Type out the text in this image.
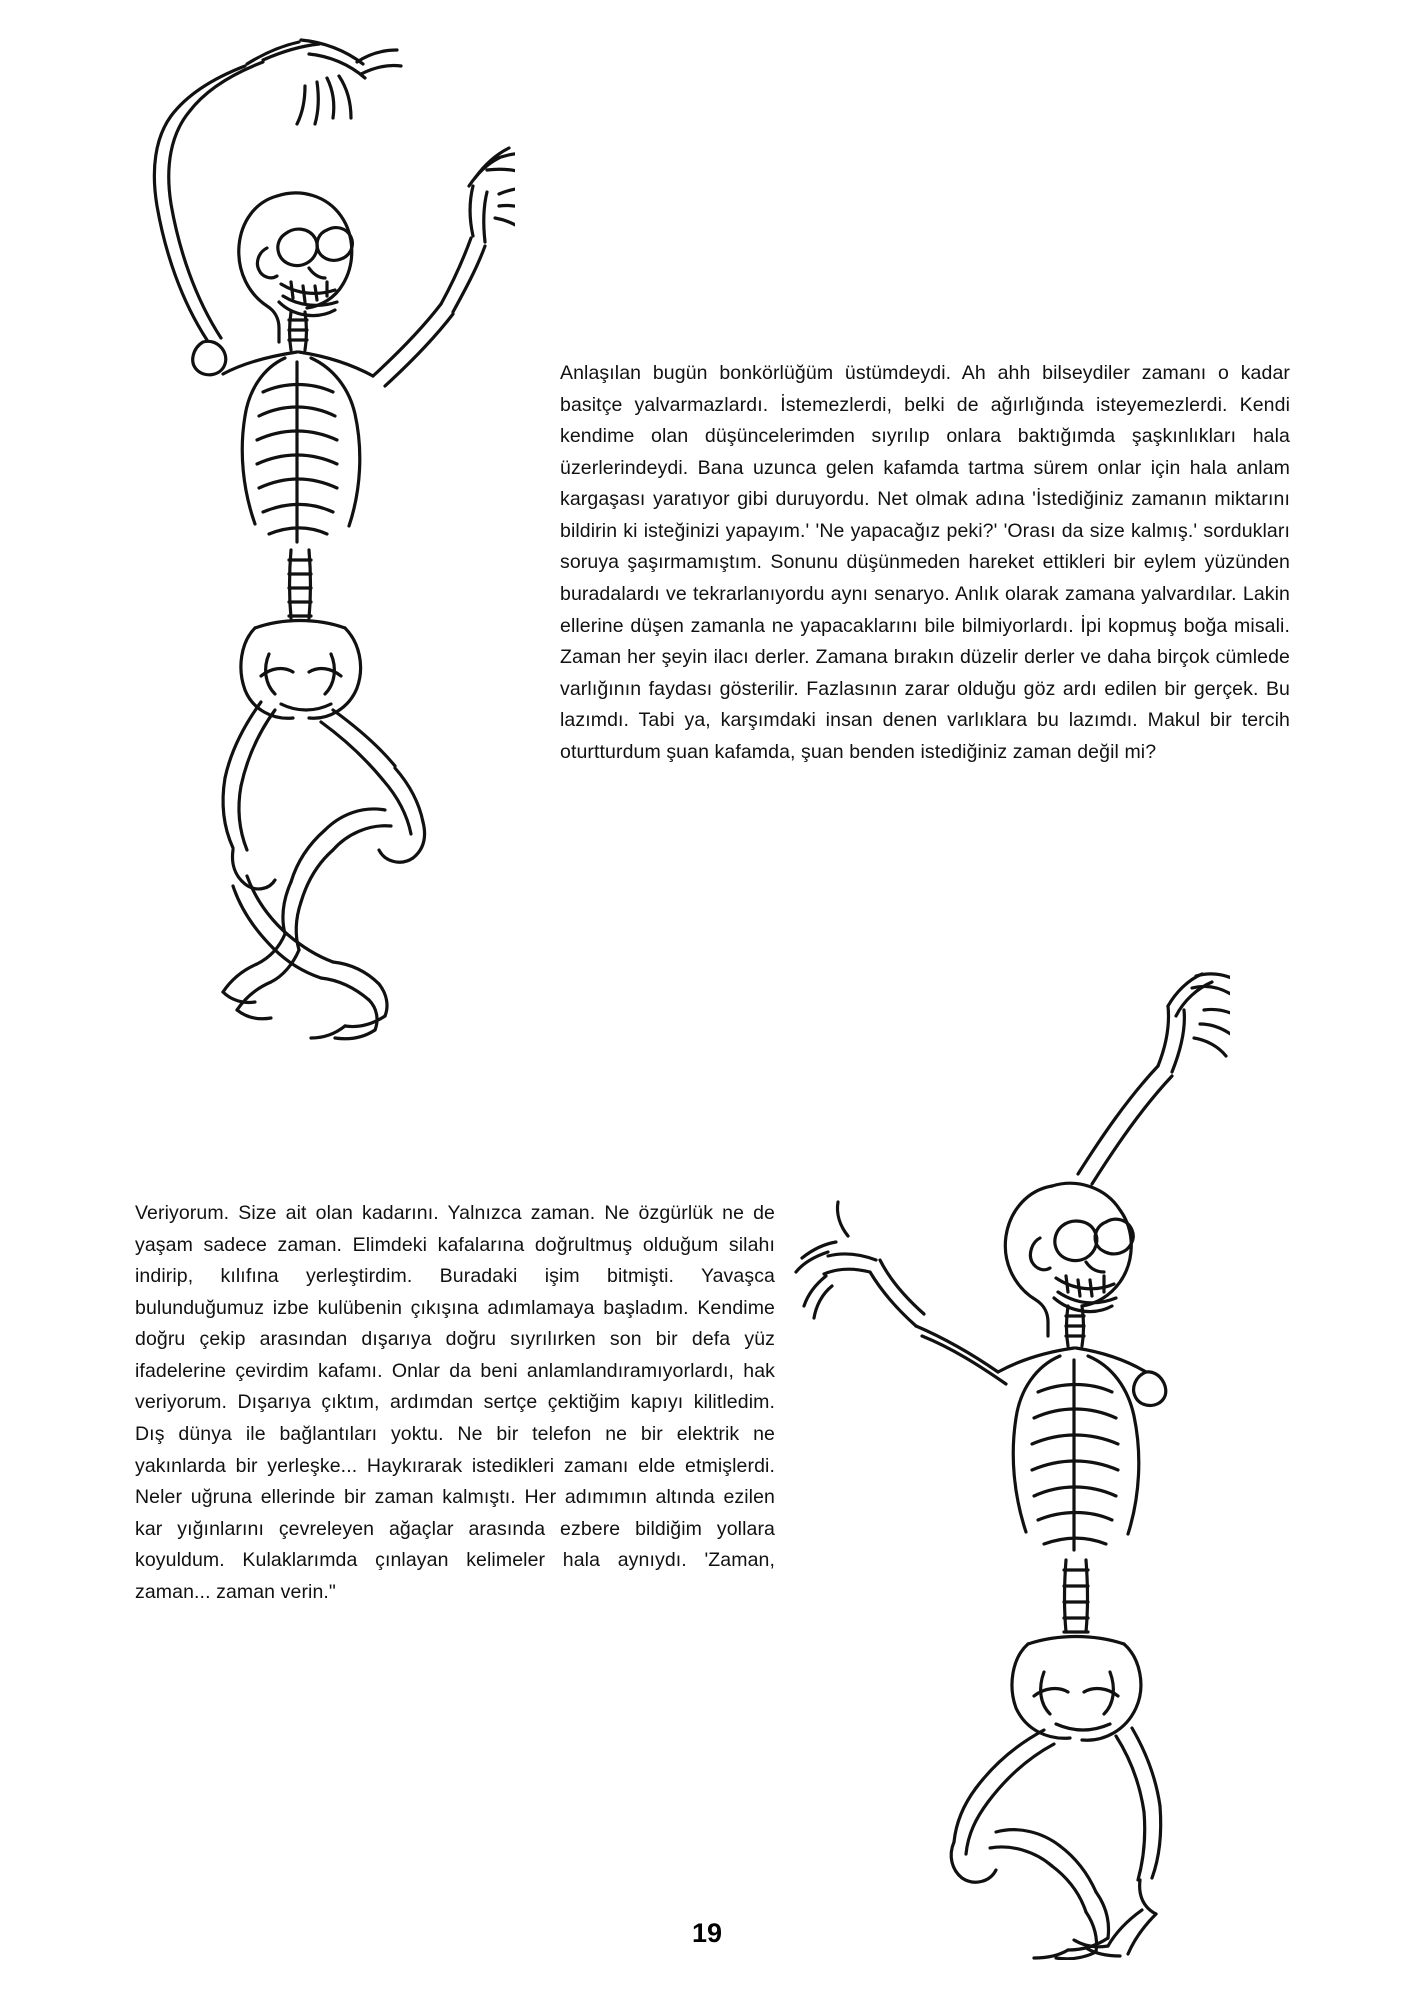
Anlaşılan bugün bonkörlüğüm üstümdeydi. Ah ahh bilseydiler zamanı o kadar basitçe yalvarmazlardı. İstemezlerdi, belki de ağırlığında isteyemezlerdi. Kendi kendime olan düşüncelerimden sıyrılıp onlara baktığımda şaşkınlıkları hala üzerlerindeydi. Bana uzunca gelen kafamda tartma sürem onlar için hala anlam kargaşası yaratıyor gibi duruyordu. Net olmak adına 'İstediğiniz zamanın miktarını bildirin ki isteğinizi yapayım.' 'Ne yapacağız peki?' 'Orası da size kalmış.' sordukları soruya şaşırmamıştım. Sonunu düşünmeden hareket ettikleri bir eylem yüzünden buradalardı ve tekrarlanıyordu aynı senaryo. Anlık olarak zamana yalvardılar. Lakin ellerine düşen zamanla ne yapacaklarını bile bilmiyorlardı. İpi kopmuş boğa misali. Zaman her şeyin ilacı derler. Zamana bırakın düzelir derler ve daha birçok cümlede varlığının faydası gösterilir. Fazlasının zarar olduğu göz ardı edilen bir gerçek. Bu lazımdı. Tabi ya, karşımdaki insan denen varlıklara bu lazımdı. Makul bir tercih oturtturdum şuan kafamda, şuan benden istediğiniz zaman değil mi?
Veriyorum. Size ait olan kadarını. Yalnızca zaman. Ne özgürlük ne de yaşam sadece zaman. Elimdeki kafalarına doğrultmuş olduğum silahı indirip, kılıfına yerleştirdim. Buradaki işim bitmişti. Yavaşca bulunduğumuz izbe kulübenin çıkışına adımlamaya başladım. Kendime doğru çekip arasından dışarıya doğru sıyrılırken son bir defa yüz ifadelerine çevirdim kafamı. Onlar da beni anlamlandıramıyorlardı, hak veriyorum. Dışarıya çıktım, ardımdan sertçe çektiğim kapıyı kilitledim. Dış dünya ile bağlantıları yoktu. Ne bir telefon ne bir elektrik ne yakınlarda bir yerleşke... Haykırarak istedikleri zamanı elde etmişlerdi. Neler uğruna ellerinde bir zaman kalmıştı. Her adımımın altında ezilen kar yığınlarını çevreleyen ağaçlar arasında ezbere bildiğim yollara koyuldum. Kulaklarımda çınlayan kelimeler hala aynıydı. 'Zaman, zaman... zaman verin."
19
